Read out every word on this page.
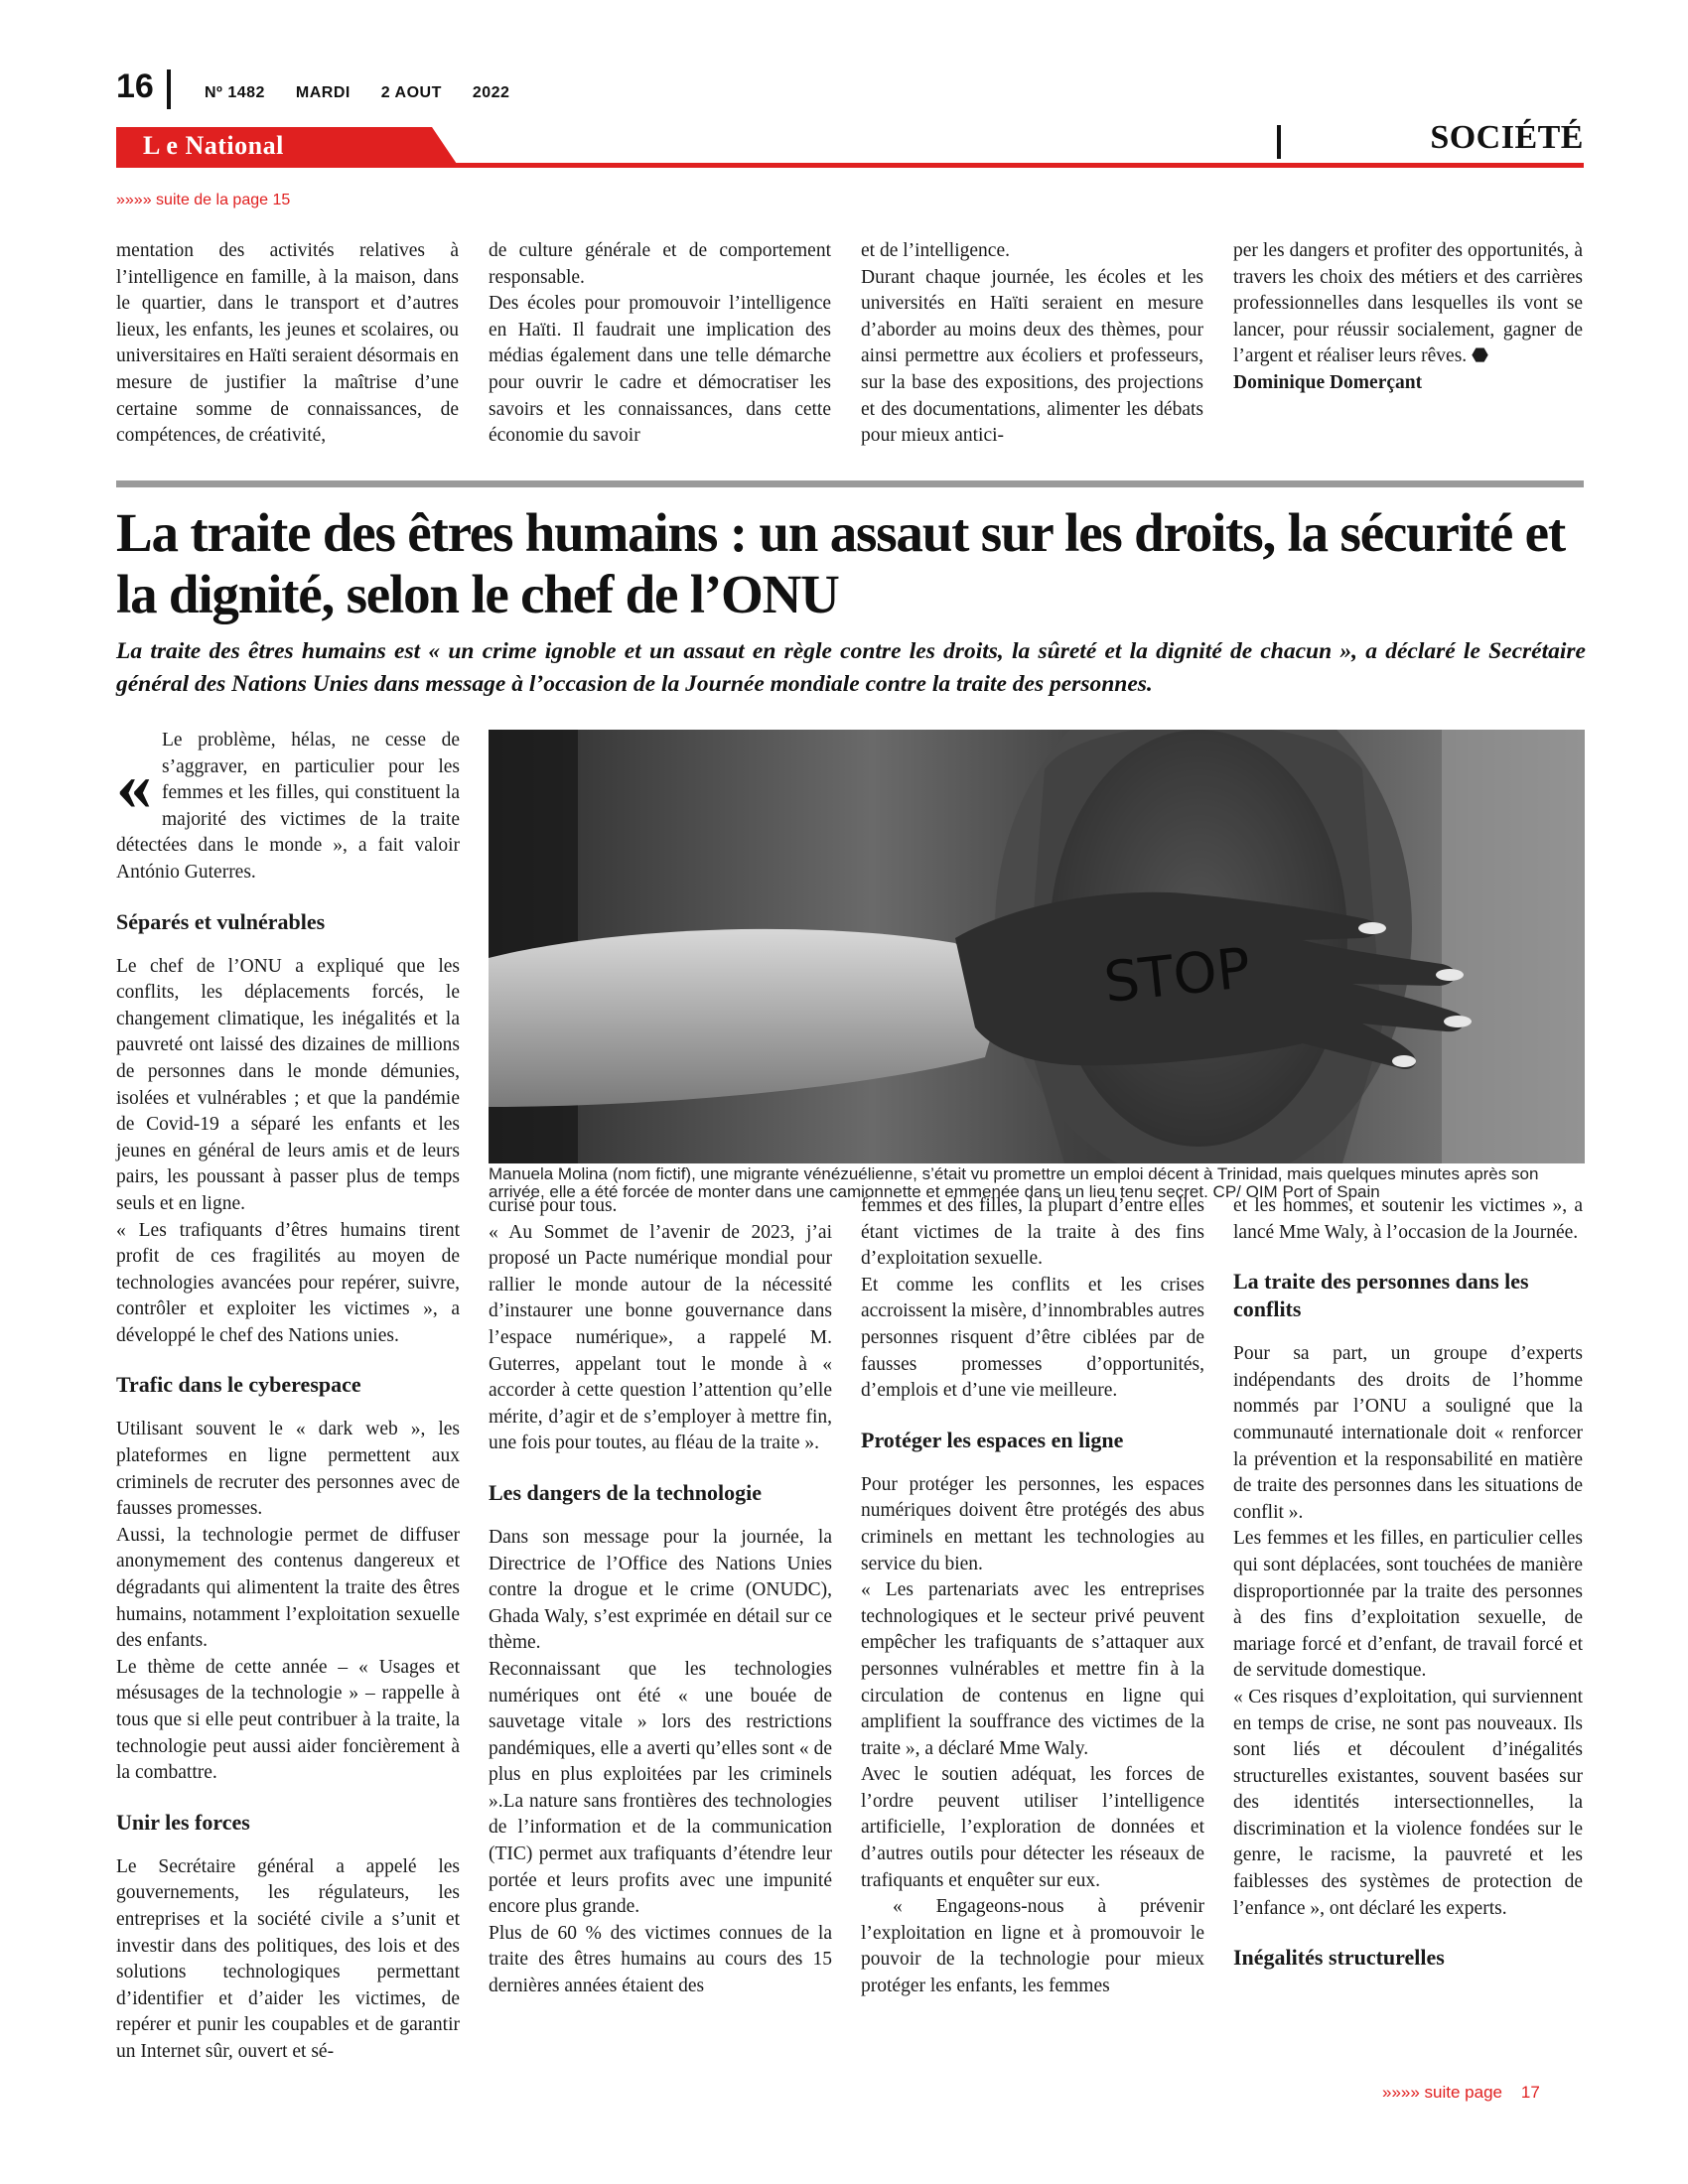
16	Nº 1482 MARDI 2 AOUT 2022
L e National	SOCIÉTÉ
»»»» suite de la page 15

mentation des activités relatives à l’intelligence en famille, à la maison, dans le quartier, dans le transport et d’autres lieux, les enfants, les jeunes et scolaires, ou universitaires en Haïti seraient désormais en mesure de justifier la maîtrise d’une certaine somme de connaissances, de compétences, de créativité,

de culture générale et de comportement responsable.

Des écoles pour promouvoir l’intelligence en Haïti. Il faudrait une implication des médias également dans une telle démarche pour ouvrir le cadre et démocratiser les savoirs et les connaissances, dans cette économie du savoir

et de l’intelligence.

Durant chaque journée, les écoles et les universités en Haïti seraient en mesure d’aborder au moins deux des thèmes, pour ainsi permettre aux écoliers et professeurs, sur la base des expositions, des projections et des documentations, alimenter les débats pour mieux antici-

per les dangers et profiter des opportunités, à travers les choix des métiers et des carrières professionnelles dans lesquelles ils vont se lancer, pour réussir socialement, gagner de l’argent et réaliser leurs rêves. ⬣

Dominique Domerçant

La traite des êtres humains : un assaut sur les droits, la sécurité et la dignité, selon le chef de l’ONU
La traite des êtres humains est « un crime ignoble et un assaut en règle contre les droits, la sûreté et la dignité de chacun », a déclaré le Secrétaire général des Nations Unies dans message à l’occasion de la Journée mondiale contre la traite des personnes.

«
Le problème, hélas, ne cesse de s’aggraver, en particulier pour les femmes et les filles, qui constituent la majorité des victimes de la traite détectées dans le monde », a fait valoir António Guterres.

Séparés et vulnérables

Le chef de l’ONU a expliqué que les conflits, les déplacements forcés, le changement climatique, les inégalités et la pauvreté ont laissé des dizaines de millions de personnes dans le monde démunies, isolées et vulnérables ; et que la pandémie de Covid-19 a séparé les enfants et les jeunes en général de leurs amis et de leurs pairs, les poussant à passer plus de temps seuls et en ligne.

« Les trafiquants d’êtres humains tirent profit de ces fragilités au moyen de technologies avancées pour repérer, suivre, contrôler et exploiter les victimes », a développé le chef des Nations unies.

Trafic dans le cyberespace

Utilisant souvent le « dark web », les plateformes en ligne permettent aux criminels de recruter des personnes avec de fausses promesses.

Aussi, la technologie permet de diffuser anonymement des contenus dangereux et dégradants qui alimentent la traite des êtres humains, notamment l’exploitation sexuelle des enfants.

Le thème de cette année – « Usages et mésusages de la technologie » – rappelle à tous que si elle peut contribuer à la traite, la technologie peut aussi aider foncièrement à la combattre.

Unir les forces

Le Secrétaire général a appelé les gouvernements, les régulateurs, les entreprises et la société civile a s’unit et investir dans des politiques, des lois et des solutions technologiques permettant d’identifier et d’aider les victimes, de repérer et punir les coupables et de garantir un Internet sûr, ouvert et sé-

STOP
Manuela Molina (nom fictif), une migrante vénézuélienne, s’était vu promettre un emploi décent à Trinidad, mais quelques minutes après son arrivée, elle a été forcée de monter dans une camionnette et emmenée dans un lieu tenu secret. CP/ OIM Port of Spain

curisé pour tous.

« Au Sommet de l’avenir de 2023, j’ai proposé un Pacte numérique mondial pour rallier le monde autour de la nécessité d’instaurer une bonne gouvernance dans l’espace numérique», a rappelé M. Guterres, appelant tout le monde à « accorder à cette question l’attention qu’elle mérite, d’agir et de s’employer à mettre fin, une fois pour toutes, au fléau de la traite ».

Les dangers de la technologie

Dans son message pour la journée, la Directrice de l’Office des Nations Unies contre la drogue et le crime (ONUDC), Ghada Waly, s’est exprimée en détail sur ce thème.

Reconnaissant que les technologies numériques ont été « une bouée de sauvetage vitale » lors des restrictions pandémiques, elle a averti qu’elles sont « de plus en plus exploitées par les criminels ».La nature sans frontières des technologies de l’information et de la communication (TIC) permet aux trafiquants d’étendre leur portée et leurs profits avec une impunité encore plus grande.

Plus de 60 % des victimes connues de la traite des êtres humains au cours des 15 dernières années étaient des

femmes et des filles, la plupart d’entre elles étant victimes de la traite à des fins d’exploitation sexuelle.

Et comme les conflits et les crises accroissent la misère, d’innombrables autres personnes risquent d’être ciblées par de fausses promesses d’opportunités, d’emplois et d’une vie meilleure.

Protéger les espaces en ligne

Pour protéger les personnes, les espaces numériques doivent être protégés des abus criminels en mettant les technologies au service du bien.

« Les partenariats avec les entreprises technologiques et le secteur privé peuvent empêcher les trafiquants de s’attaquer aux personnes vulnérables et mettre fin à la circulation de contenus en ligne qui amplifient la souffrance des victimes de la traite », a déclaré Mme Waly.

Avec le soutien adéquat, les forces de l’ordre peuvent utiliser l’intelligence artificielle, l’exploration de données et d’autres outils pour détecter les réseaux de trafiquants et enquêter sur eux.

« Engageons-nous à prévenir l’exploitation en ligne et à promouvoir le pouvoir de la technologie pour mieux protéger les enfants, les femmes

et les hommes, et soutenir les victimes », a lancé Mme Waly, à l’occasion de la Journée.

La traite des personnes dans les conflits

Pour sa part, un groupe d’experts indépendants des droits de l’homme nommés par l’ONU a souligné que la communauté internationale doit « renforcer la prévention et la responsabilité en matière de traite des personnes dans les situations de conflit ».

Les femmes et les filles, en particulier celles qui sont déplacées, sont touchées de manière disproportionnée par la traite des personnes à des fins d’exploitation sexuelle, de mariage forcé et d’enfant, de travail forcé et de servitude domestique.

« Ces risques d’exploitation, qui surviennent en temps de crise, ne sont pas nouveaux. Ils sont liés et découlent d’inégalités structurelles existantes, souvent basées sur des identités intersectionnelles, la discrimination et la violence fondées sur le genre, le racisme, la pauvreté et les faiblesses des systèmes de protection de l’enfance », ont déclaré les experts.

Inégalités structurelles
»»»» suite page 17
